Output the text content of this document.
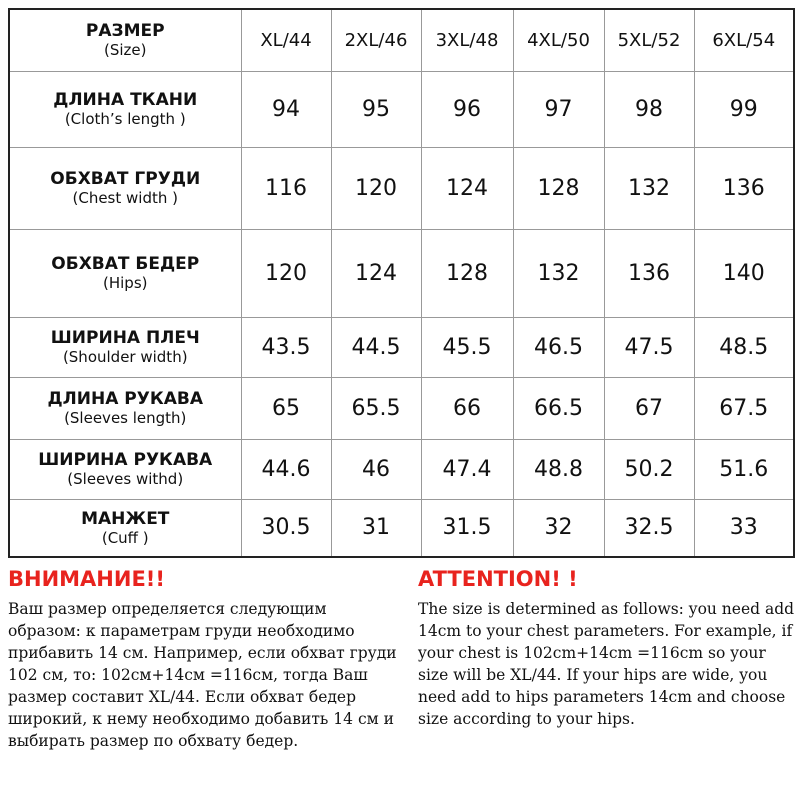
РАЗМЕР
(Size)	XL/44	2XL/46	3XL/48	4XL/50	5XL/52	6XL/54

ДЛИНА ТКАНИ
(Cloth’s length )	94	95	96	97	98	99

ОБХВАТ ГРУДИ
(Chest width )	116	120	124	128	132	136

ОБХВАТ БЕДЕР
(Hips)	120	124	128	132	136	140

ШИРИНА ПЛЕЧ
(Shoulder width)	43.5	44.5	45.5	46.5	47.5	48.5

ДЛИНА РУКАВА
(Sleeves length)	65	65.5	66	66.5	67	67.5

ШИРИНА РУКАВА
(Sleeves withd)	44.6	46	47.4	48.8	50.2	51.6

МАНЖЕТ
(Cuff )	30.5	31	31.5	32	32.5	33
ВНИМАНИЕ!!

Ваш размер определяется следующим образом: к параметрам груди необходимо прибавить 14 см. Например, если обхват груди 102 см, то: 102см+14см =116см, тогда Ваш размер составит XL/44. Если обхват бедер широкий, к нему необходимо добавить 14 см и выбирать размер по обхвату бедер.

ATTENTION! !

The size is determined as follows: you need add 14cm to your chest parameters. For example, if your chest is 102cm+14cm =116cm so your size will be XL/44. If your hips are wide, you need add to hips parameters 14cm and choose size according to your hips.
